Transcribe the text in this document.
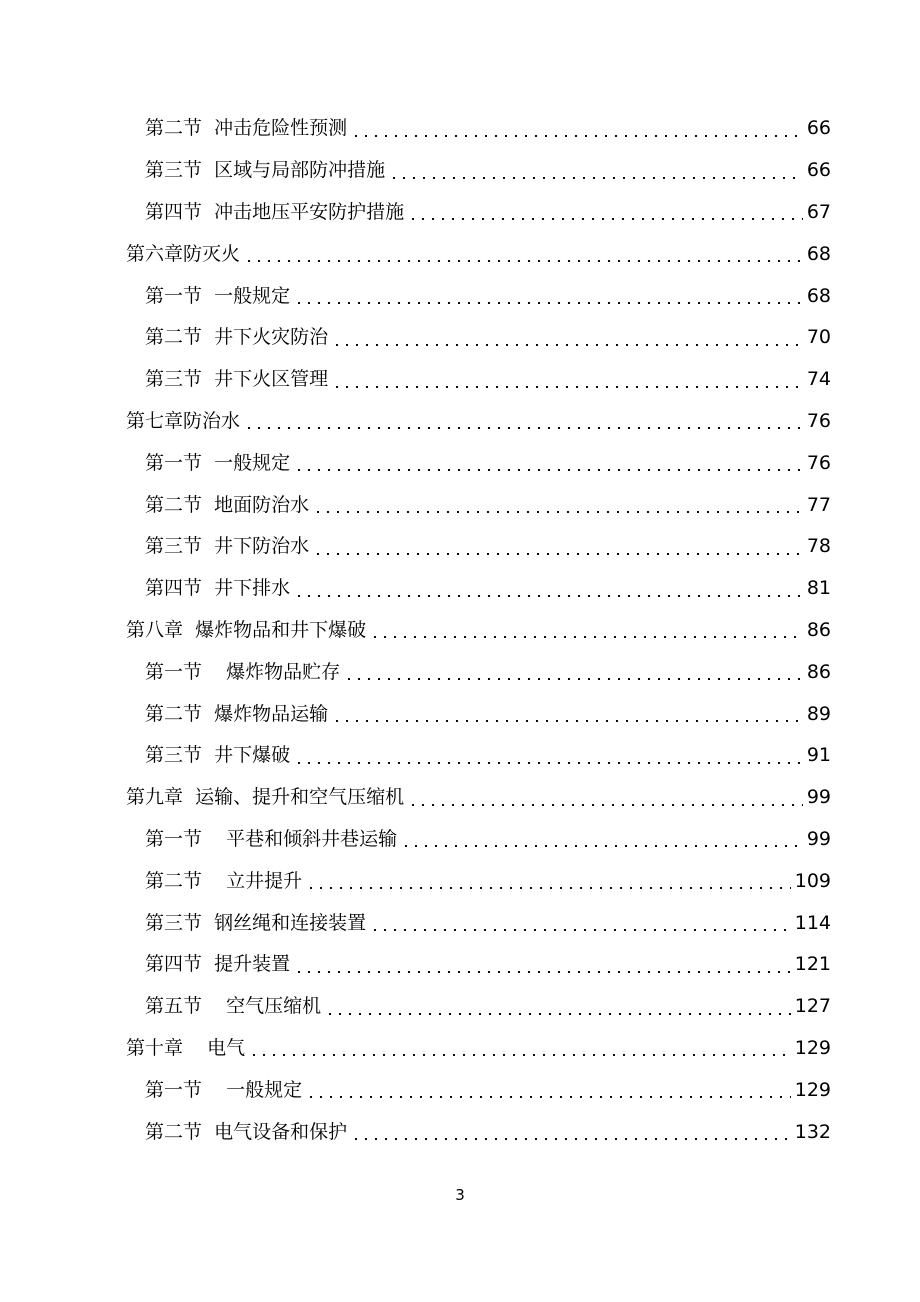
第二节  冲击危险性预测	66
第三节  区域与局部防冲措施	66
第四节  冲击地压平安防护措施	67
第六章防灭火	68
第一节  一般规定	68
第二节  井下火灾防治	70
第三节  井下火区管理	74
第七章防治水	76
第一节  一般规定	76
第二节  地面防治水	77
第三节  井下防治水	78
第四节  井下排水	81
第八章  爆炸物品和井下爆破	86
第一节    爆炸物品贮存	86
第二节  爆炸物品运输	89
第三节  井下爆破	91
第九章  运输、提升和空气压缩机	99
第一节    平巷和倾斜井巷运输	99
第二节    立井提升	109
第三节  钢丝绳和连接装置	114
第四节  提升装置	121
第五节    空气压缩机	127
第十章    电气	129
第一节    一般规定	129
第二节  电气设备和保护	132
3
